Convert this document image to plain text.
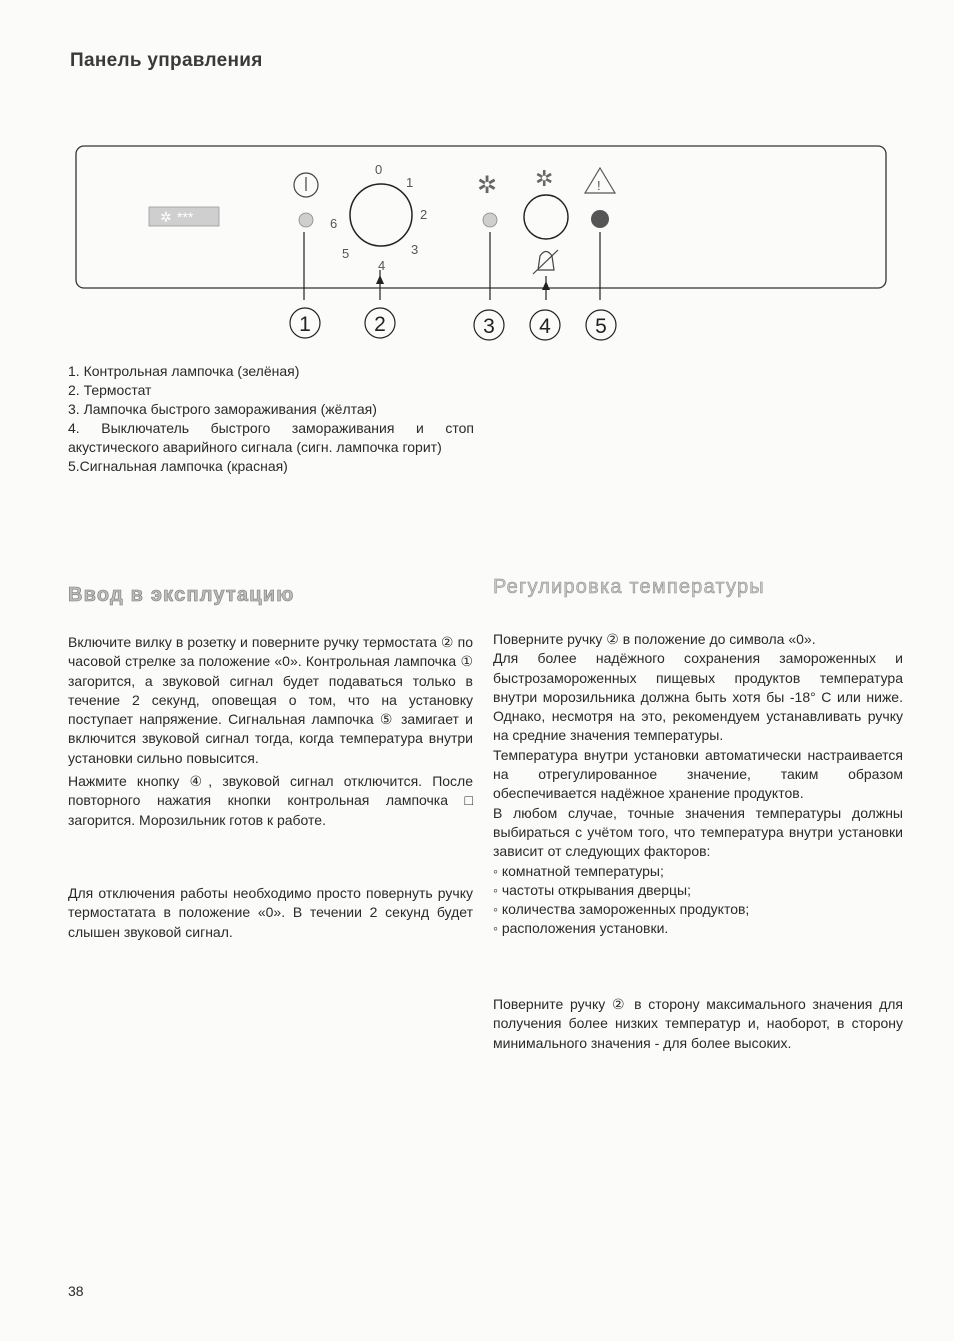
Панель управления
✲ ***
0
1
2
3
4
5
6
✲ ✲	!
1	2	3 4 5
1. Контрольная лампочка (зелёная)
2. Термостат
3. Лампочка быстрого замораживания (жёлтая)
4. Выключатель быстрого замораживания и стоп акустического аварийного сигнала (сигн. лампочка горит)
5.Сигнальная лампочка (красная)
Ввод в эксплутацию	Регулировка температуры

Включите вилку в розетку и поверните ручку термостата ② по часовой стрелке за положение «0». Контрольная лампочка ① загорится, а звуковой сигнал будет подаваться только в течение 2 секунд, оповещая о том, что на установку поступает напряжение. Сигнальная лампочка ⑤ замигает и включится звуковой сигнал тогда, когда температура внутри установки сильно повысится.

Нажмите кнопку ④, звуковой сигнал отключится. После повторного нажатия кнопки контрольная лампочка □ загорится. Морозильник готов к работе.

Для отключения работы необходимо просто повернуть ручку термостатата в положение «0». В течении 2 секунд будет слышен звуковой сигнал.

Поверните ручку ② в положение до символа «0».

Для более надёжного сохранения замороженных и быстрозамороженных пищевых продуктов температура внутри морозильника должна быть хотя бы -18° С или ниже. Однако, несмотря на это, рекомендуем устанавливать ручку на средние значения температуры.

Температура внутри установки автоматически настраивается на отрегулированное значение, таким образом обеспечивается надёжное хранение продуктов.

В любом случае, точные значения температуры должны выбираться с учётом того, что температура внутри установки зависит от следующих факторов:

◦ комнатной температуры;

◦ частоты открывания дверцы;

◦ количества замороженных продуктов;

◦ расположения установки.

Поверните ручку ② в сторону максимального значения для получения более низких температур и, наоборот, в сторону минимального значения - для более высоких.

38
